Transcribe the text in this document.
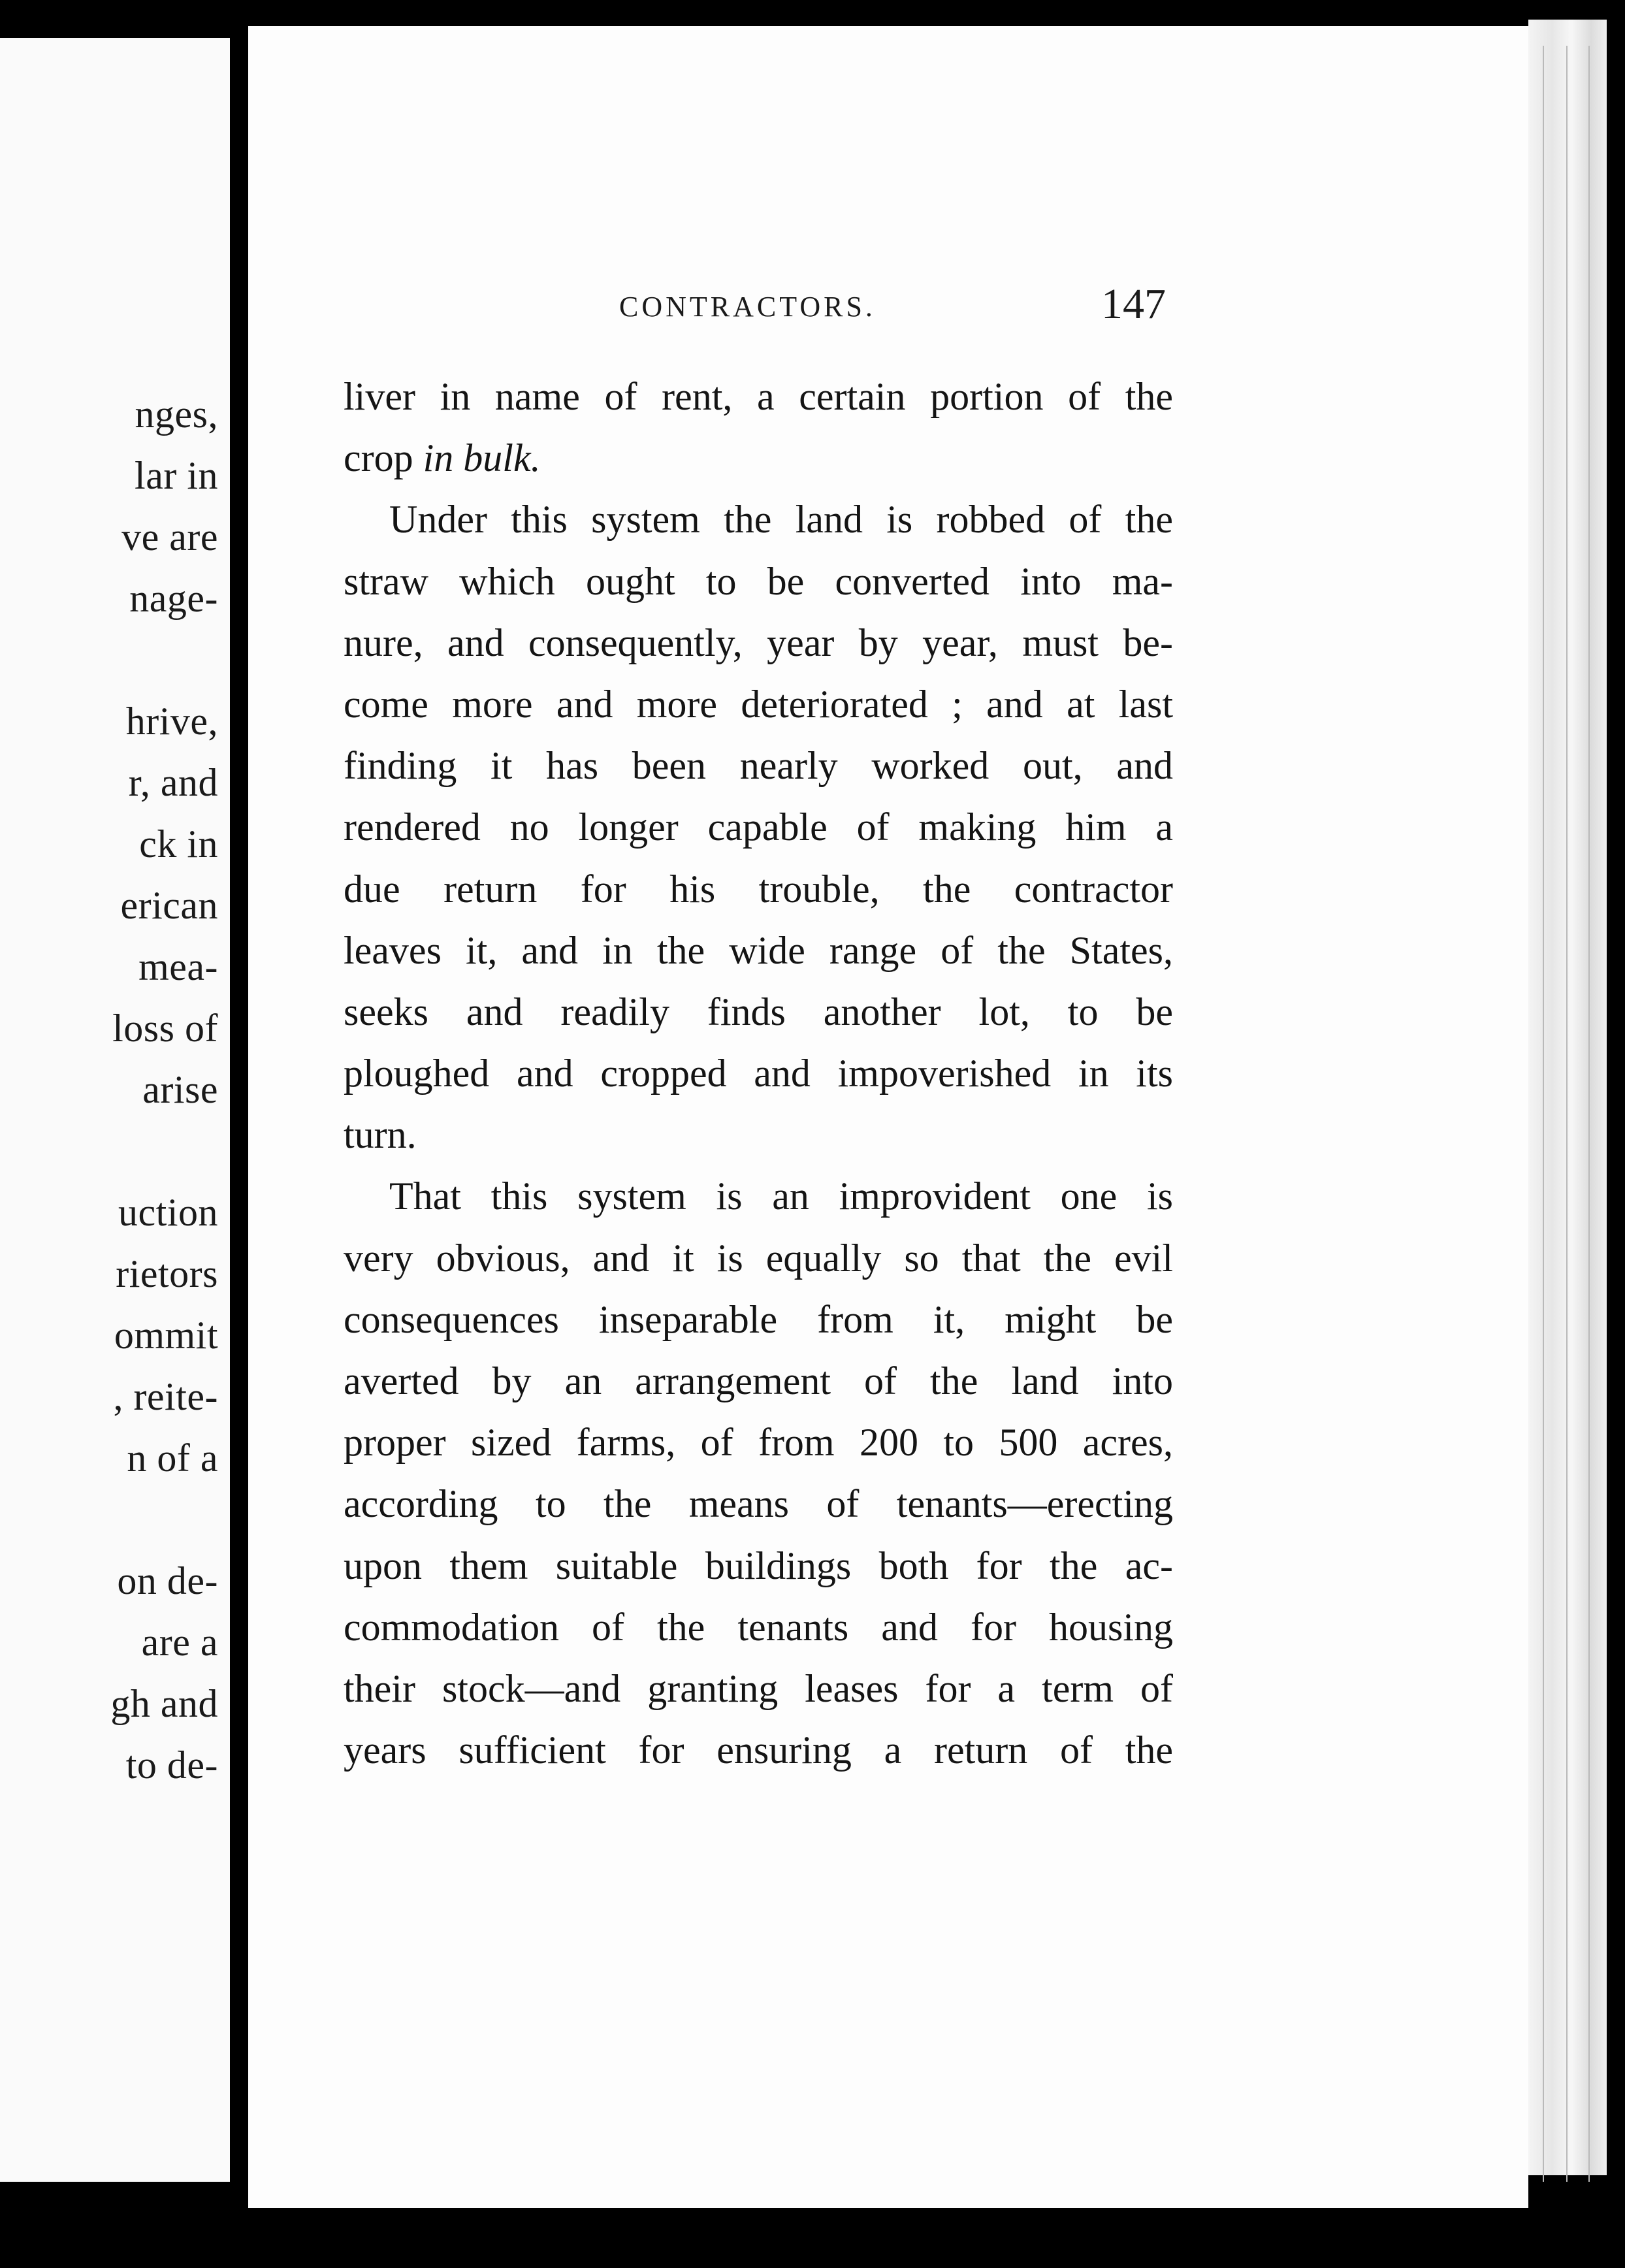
nges,
lar in
ve are
nage-
hrive,
r, and
ck in
erican
mea-
loss of
arise
uction
rietors
ommit
, reite-
n of a
on de-
are a
gh and
to de-
CONTRACTORS.	147
liver in name of rent, a certain portion of the
crop in bulk.
Under this system the land is robbed of the
straw which ought to be converted into ma-
nure, and consequently, year by year, must be-
come more and more deteriorated ; and at last
finding it has been nearly worked out, and
rendered no longer capable of making him a
due return for his trouble, the contractor
leaves it, and in the wide range of the States,
seeks and readily finds another lot, to be
ploughed and cropped and impoverished in its
turn.
That this system is an improvident one is
very obvious, and it is equally so that the evil
consequences inseparable from it, might be
averted by an arrangement of the land into
proper sized farms, of from 200 to 500 acres,
according to the means of tenants—erecting
upon them suitable buildings both for the ac-
commodation of the tenants and for housing
their stock—and granting leases for a term of
years sufficient for ensuring a return of the
